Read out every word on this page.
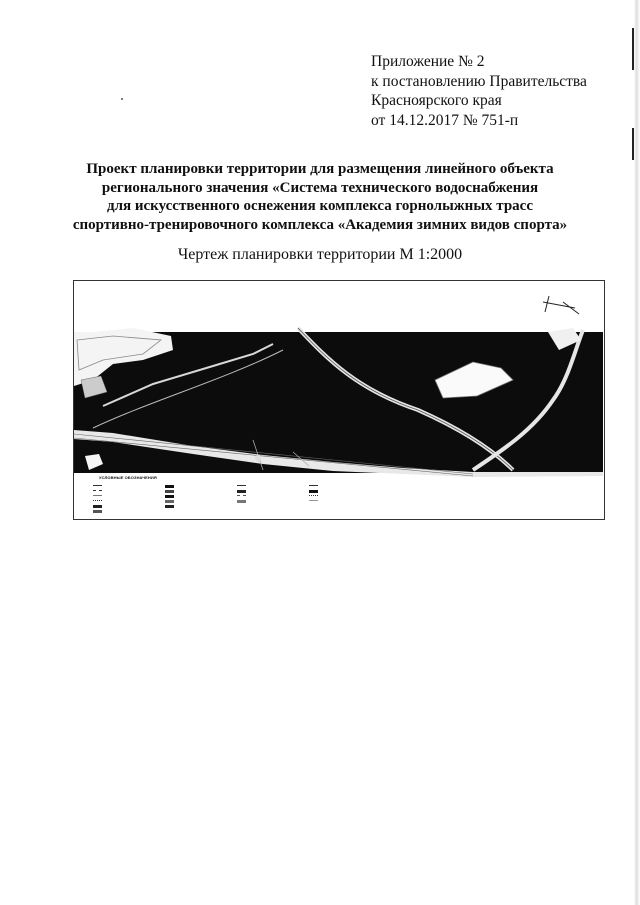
Приложение № 2
к постановлению Правительства
Красноярского края
от 14.12.2017 № 751-п
Проект планировки территории для размещения линейного объекта
регионального значения «Система технического водоснабжения
для искусственного оснежения комплекса горнолыжных трасс
спортивно-тренировочного комплекса «Академия зимних видов спорта»
Чертеж планировки территории М 1:2000
УСЛОВНЫЕ ОБОЗНАЧЕНИЯ
